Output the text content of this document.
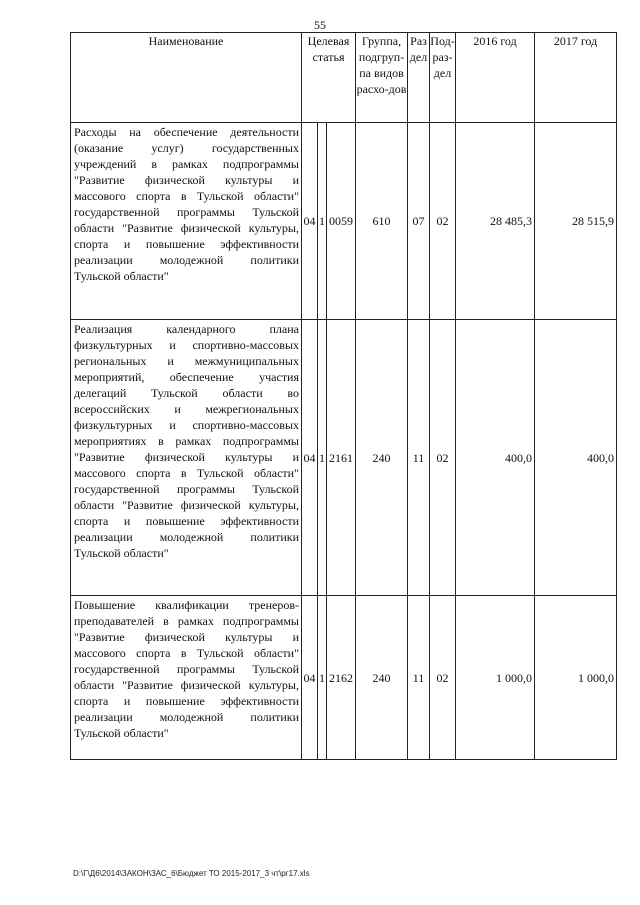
55
Наименование	Целевая статья			Группа, подгруп-па видов расхо-дов	Раз дел	Под-раз-дел	2016 год	2017 год
Расходы на обеспечение деятельности (оказание услуг) государственных учреждений в рамках подпрограммы "Развитие физической культуры и массового спорта в Тульской области" государственной программы Тульской области "Развитие физической культуры, спорта и повышение эффективности реализации молодежной политики Тульской области"	04	1	0059	610	07	02	28 485,3	28 515,9
Реализация календарного плана физкультурных и спортивно-массовых региональных и межмуниципальных мероприятий, обеспечение участия делегаций Тульской области во всероссийских и межрегиональных физкультурных и спортивно-массовых мероприятиях в рамках подпрограммы "Развитие физической культуры и массового спорта в Тульской области" государственной программы Тульской области "Развитие физической культуры, спорта и повышение эффективности реализации молодежной политики Тульской области"	04	1	2161	240	11	02	400,0	400,0
Повышение квалификации тренеров-преподавателей в рамках подпрограммы "Развитие физической культуры и массового спорта в Тульской области" государственной программы Тульской области "Развитие физической культуры, спорта и повышение эффективности реализации молодежной политики Тульской области"	04	1	2162	240	11	02	1 000,0	1 000,0
D:\Г\Д6\2014\ЗАКОН\ЗАС_6\Бюджет ТО 2015-2017_3 чт\рг17.xls
